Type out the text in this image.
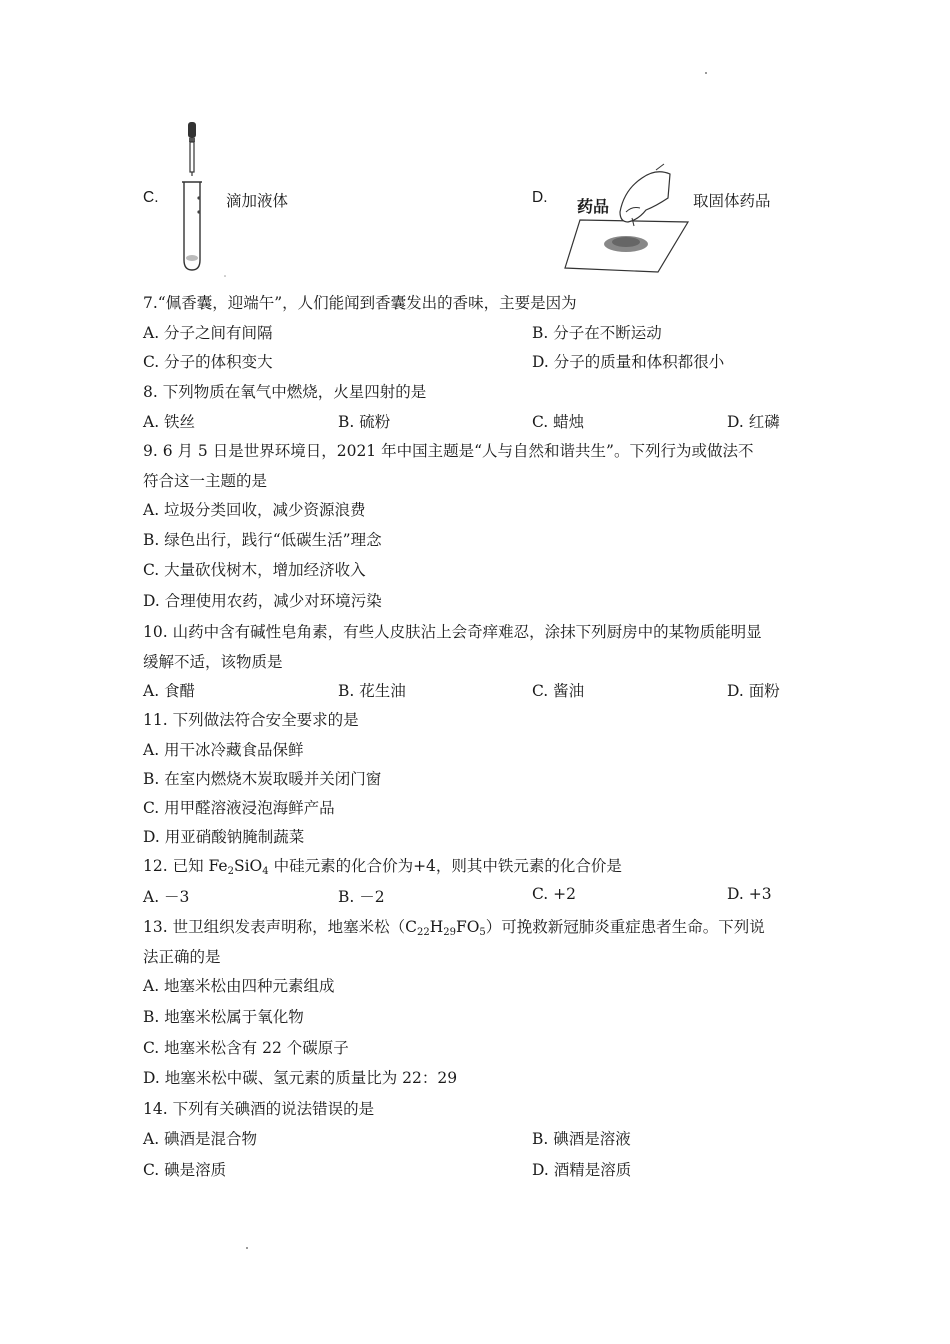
C.	滴加液体	D. 药品	取固体药品
7.“佩香囊，迎端午”，人们能闻到香囊发出的香味，主要是因为
A. 分子之间有间隔	B. 分子在不断运动
C. 分子的体积变大	D. 分子的质量和体积都很小
8. 下列物质在氧气中燃烧，火星四射的是
A. 铁丝	B. 硫粉	C. 蜡烛	D. 红磷
9. 6 月 5 日是世界环境日，2021 年中国主题是“人与自然和谐共生”。下列行为或做法不
符合这一主题的是
A. 垃圾分类回收，减少资源浪费
B. 绿色出行，践行“低碳生活”理念
C. 大量砍伐树木，增加经济收入
D. 合理使用农药，减少对环境污染
10. 山药中含有碱性皂角素，有些人皮肤沾上会奇痒难忍，涂抹下列厨房中的某物质能明显
缓解不适，该物质是
A. 食醋	B. 花生油	C. 酱油	D. 面粉
11. 下列做法符合安全要求的是
A. 用干冰冷藏食品保鲜
B. 在室内燃烧木炭取暖并关闭门窗
C. 用甲醛溶液浸泡海鲜产品
D. 用亚硝酸钠腌制蔬菜
12. 已知 $Fe_2SiO_4$ 中硅元素的化合价为+4，则其中铁元素的化合价是
A. －3	B. －2	C. +2	D. +3
13. 世卫组织发表声明称，地塞米松$(C_{22}H_{29}FO_5)$可挽救新冠肺炎重症患者生命。下列说
法正确的是
A. 地塞米松由四种元素组成
B. 地塞米松属于氧化物
C. 地塞米松含有 22 个碳原子
D. 地塞米松中碳、氢元素的质量比为 22：29
14. 下列有关碘酒的说法错误的是
A. 碘酒是混合物	B. 碘酒是溶液
C. 碘是溶质	D. 酒精是溶质
